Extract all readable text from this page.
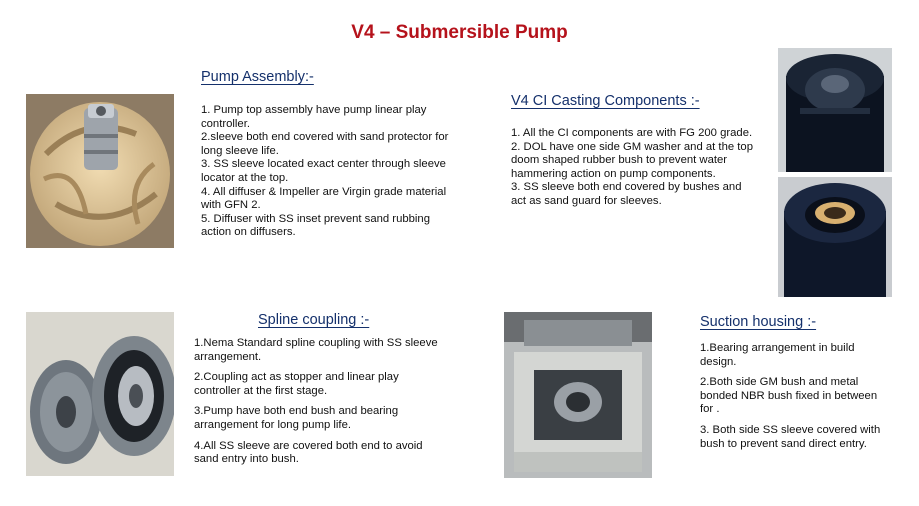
V4 – Submersible Pump
Pump Assembly:-

1. Pump top assembly have pump linear play controller.

2.sleeve both end covered with sand protector for long sleeve life.

3. SS sleeve located exact center through sleeve locator at the top.

4. All diffuser & Impeller are Virgin grade material with GFN 2.

5. Diffuser with SS inset prevent sand rubbing action on diffusers.

V4 CI Casting Components :-

1. All the CI components are with FG 200 grade.

2. DOL have one side GM washer and at the top doom shaped rubber bush to prevent water hammering action on pump components.

3. SS sleeve both end covered by bushes and act as sand guard for sleeves.

Spline coupling :-

1.Nema Standard spline coupling with SS sleeve arrangement.

2.Coupling act as stopper and linear play controller at the first stage.

3.Pump have both end bush and bearing arrangement for long pump life.

4.All SS sleeve are covered both end to avoid sand entry into bush.

Suction housing :-

1.Bearing arrangement in build design.

2.Both side GM bush and metal bonded NBR bush fixed in between for .

3. Both side SS sleeve covered with bush to prevent sand direct entry.
